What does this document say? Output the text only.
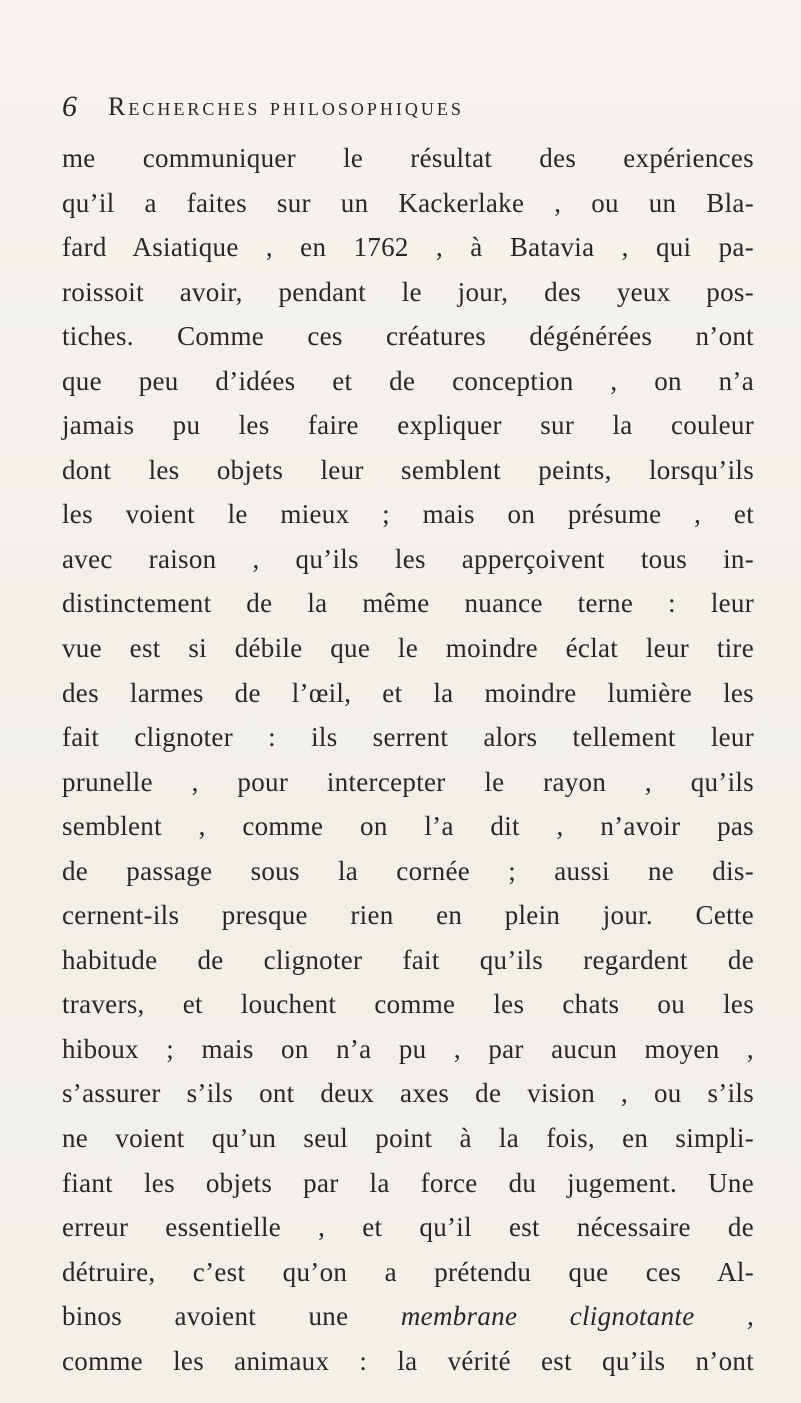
6 Recherches philosophiques
me communiquer le résultat des expériences
qu’il a faites sur un Kackerlake , ou un Bla-
fard Asiatique , en 1762 , à Batavia , qui pa-
roissoit avoir, pendant le jour, des yeux pos-
tiches. Comme ces créatures dégénérées n’ont
que peu d’idées et de conception , on n’a
jamais pu les faire expliquer sur la couleur
dont les objets leur semblent peints, lorsqu’ils
les voient le mieux ; mais on présume , et
avec raison , qu’ils les apperçoivent tous in-
distinctement de la même nuance terne : leur
vue est si débile que le moindre éclat leur tire
des larmes de l’œil, et la moindre lumière les
fait clignoter : ils serrent alors tellement leur
prunelle , pour intercepter le rayon , qu’ils
semblent , comme on l’a dit , n’avoir pas
de passage sous la cornée ; aussi ne dis-
cernent-ils presque rien en plein jour. Cette
habitude de clignoter fait qu’ils regardent de
travers, et louchent comme les chats ou les
hiboux ; mais on n’a pu , par aucun moyen ,
s’assurer s’ils ont deux axes de vision , ou s’ils
ne voient qu’un seul point à la fois, en simpli-
fiant les objets par la force du jugement. Une
erreur essentielle , et qu’il est nécessaire de
détruire, c’est qu’on a prétendu que ces Al-
binos avoient une membrane clignotante ,
comme les animaux : la vérité est qu’ils n’ont
